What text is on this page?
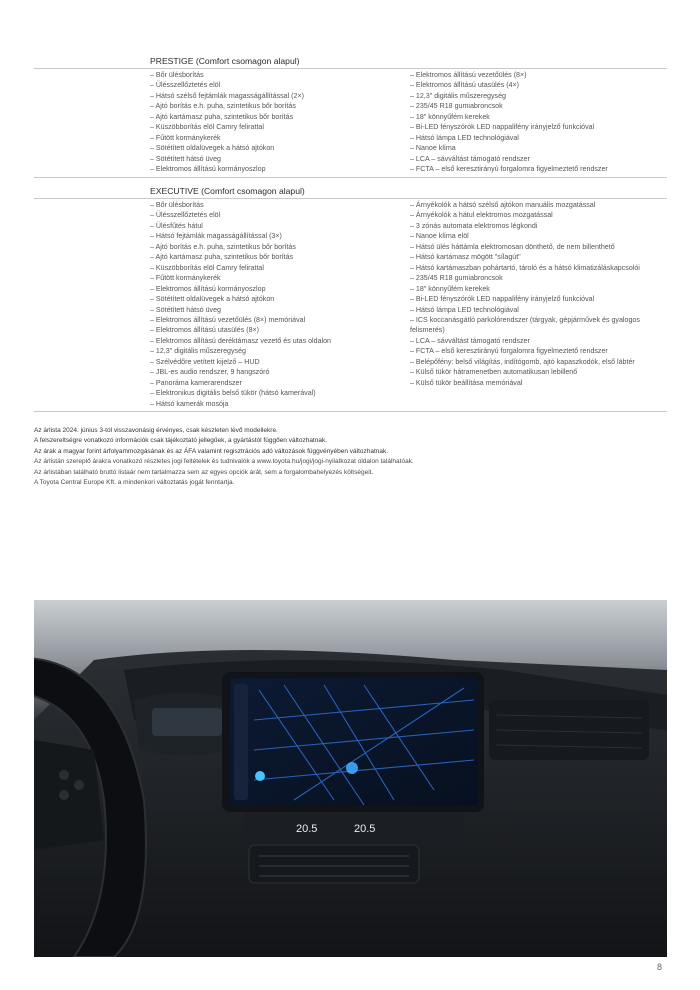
PRESTIGE (Comfort csomagon alapul)
– Bőr ülésborítás
– Ülésszellőztetés elöl
– Hátsó szélső fejtámlák magasságállítással (2×)
– Ajtó borítás e.h. puha, szintetikus bőr borítás
– Ajtó kartámasz puha, szintetikus bőr borítás
– Küszöbborítás elöl Camry felirattal
– Fűtött kormánykerék
– Sötétített oldalüvegek a hátsó ajtókon
– Sötétített hátsó üveg
– Elektromos állítású kormányoszlop
– Elektromos állítású vezetőülés (8×)
– Elektromos állítású utasülés (4×)
– 12,3" digitális műszeregység
– 235/45 R18 gumiabroncsok
– 18" könnyűfém kerekek
– Bi-LED fényszórók LED nappalifény irányjelző funkcióval
– Hátsó lámpa LED technológiával
– Nanoe klíma
– LCA – sávváltást támogató rendszer
– FCTA – első keresztirányú forgalomra figyelmeztető rendszer
EXECUTIVE (Comfort csomagon alapul)
– Bőr ülésborítás
– Ülésszellőztetés elöl
– Ülésfűtés hátul
– Hátsó fejtámlák magasságállítással (3×)
– Ajtó borítás e.h. puha, szintetikus bőr borítás
– Ajtó kartámasz puha, szintetikus bőr borítás
– Küszöbborítás elöl Camry felirattal
– Fűtött kormánykerék
– Elektromos állítású kormányoszlop
– Sötétített oldalüvegek a hátsó ajtókon
– Sötétített hátsó üveg
– Elektromos állítású vezetőülés (8×) memóriával
– Elektromos állítású utasülés (8×)
– Elektromos állítású deréktámasz vezető és utas oldalon
– 12,3" digitális műszeregység
– Szélvédőre vetített kijelző – HUD
– JBL-es audio rendszer, 9 hangszóró
– Panoráma kamerarendszer
– Elektronikus digitális belső tükör (hátsó kamerával)
– Hátsó kamerák mosója
– Árnyékolók a hátsó szélső ajtókon manuális mozgatással
– Árnyékolók a hátul elektromos mozgatással
– 3 zónás automata elektromos légkondi
– Nanoe klíma elöl
– Hátsó ülés háttámla elektromosan dönthető, de nem billenthető
– Hátsó kartámasz mögött "sílagút"
– Hátsó kartámaszban pohártartó, tároló és a hátsó klimatizáláskapcsolói
– 235/45 R18 gumiabroncsok
– 18" könnyűfém kerekek
– Bi-LED fényszórók LED nappalifény irányjelző funkcióval
– Hátsó lámpa LED technológiával
– ICS koccanásgátló parkolórendszer (tárgyak, gépjárművek és gyalogos felismerés)
– LCA – sávváltást támogató rendszer
– FCTA – első keresztirányú forgalomra figyelmeztető rendszer
– Belépőfény: belső világítás, indítógomb, ajtó kapaszkodók, első lábtér
– Külső tükör hátramenetben automatikusan lebillenő
– Külső tükör beállítása memóriával
Az árlista 2024. június 3-tól visszavonásig érvényes, csak készleten lévő modellekre.
A felszereltségre vonatkozó információk csak tájékoztató jellegűek, a gyártástól függően változhatnak.
Az árak a magyar forint árfolyammozgásának és az ÁFA valamint regisztrációs adó változások függvényében változhatnak.
Az árlistán szereplő árakra vonatkozó részletes jogi feltételek és tudnivalók a www.toyota.hu/jogi/jogi-nyilatkozat oldalon találhatóak.
Az árlistában található bruttó listaár nem tartalmazza sem az egyes opciók árát, sem a forgalombahelyezés költségeit.
A Toyota Central Europe Kft. a mindenkori változtatás jogát fenntartja.
20.5	20.5
8
